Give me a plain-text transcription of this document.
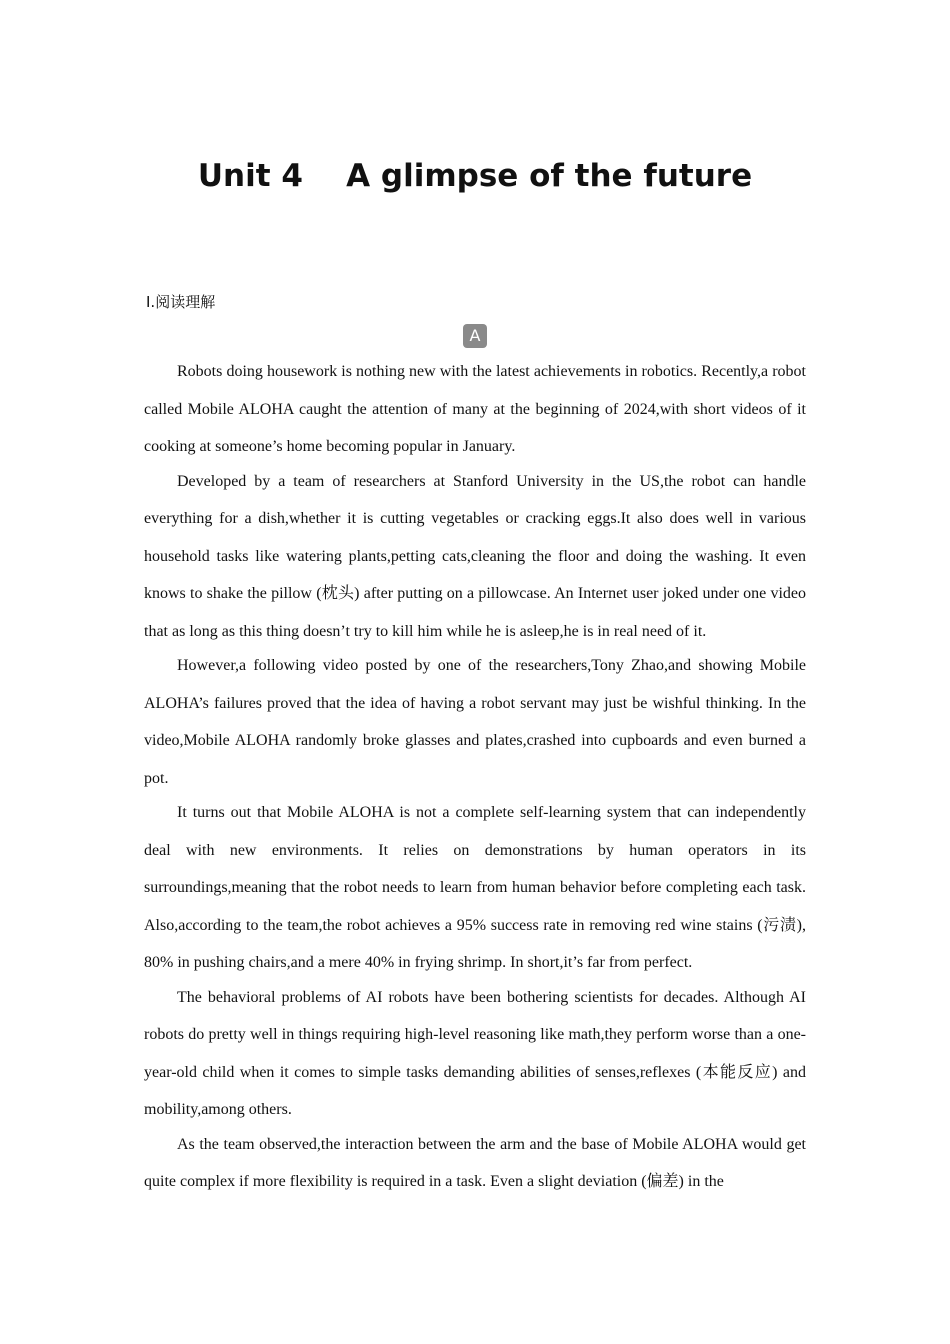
Unit 4    A glimpse of the future
Ⅰ.阅读理解
A

Robots doing housework is nothing new with the latest achievements in robotics. Recently,a robot called Mobile ALOHA caught the attention of many at the beginning of 2024,with short videos of it cooking at someone’s home becoming popular in January.

Developed by a team of researchers at Stanford University in the US,the robot can handle everything for a dish,whether it is cutting vegetables or cracking eggs.It also does well in various household tasks like watering plants,petting cats,cleaning the floor and doing the washing. It even knows to shake the pillow (枕头) after putting on a pillowcase. An Internet user joked under one video that as long as this thing doesn’t try to kill him while he is asleep,he is in real need of it.

However,a following video posted by one of the researchers,Tony Zhao,and showing Mobile ALOHA’s failures proved that the idea of having a robot servant may just be wishful thinking. In the video,Mobile ALOHA randomly broke glasses and plates,crashed into cupboards and even burned a pot.

It turns out that Mobile ALOHA is not a complete self-learning system that can independently deal with new environments. It relies on demonstrations by human operators in its surroundings,meaning that the robot needs to learn from human behavior before completing each task. Also,according to the team,the robot achieves a 95% success rate in removing red wine stains (污渍), 80% in pushing chairs,and a mere 40% in frying shrimp. In short,it’s far from perfect.

The behavioral problems of AI robots have been bothering scientists for decades. Although AI robots do pretty well in things requiring high-level reasoning like math,they perform worse than a one-year-old child when it comes to simple tasks demanding abilities of senses,reflexes (本能反应) and mobility,among others.

As the team observed,the interaction between the arm and the base of Mobile ALOHA would get quite complex if more flexibility is required in a task. Even a slight deviation (偏差) in the
